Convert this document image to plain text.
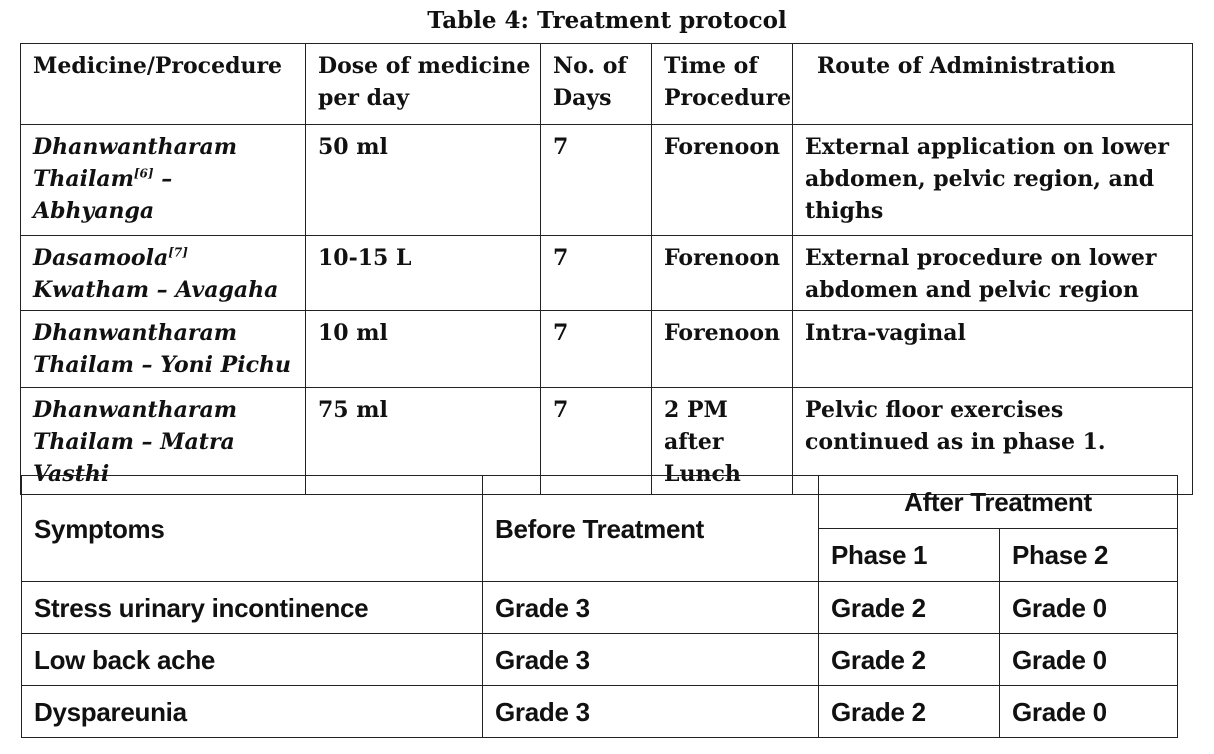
Table 4: Treatment protocol
Medicine/Procedure	Dose of medicine per day	No. of Days	Time of Procedure	Route of Administration
Dhanwantharam Thailam[6] – Abhyanga	50 ml	7	Forenoon	External application on lower abdomen, pelvic region, and thighs
Dasamoola[7] Kwatham – Avagaha	10-15 L	7	Forenoon	External procedure on lower abdomen and pelvic region
Dhanwantharam Thailam – Yoni Pichu	10 ml	7	Forenoon	Intra-vaginal
Dhanwantharam Thailam – Matra Vasthi	75 ml	7	2 PM after Lunch	Pelvic floor exercises continued as in phase 1.
Symptoms	Before Treatment	After Treatment	
		Phase 1	Phase 2
Stress urinary incontinence	Grade 3	Grade 2	Grade 0
Low back ache	Grade 3	Grade 2	Grade 0
Dyspareunia	Grade 3	Grade 2	Grade 0
